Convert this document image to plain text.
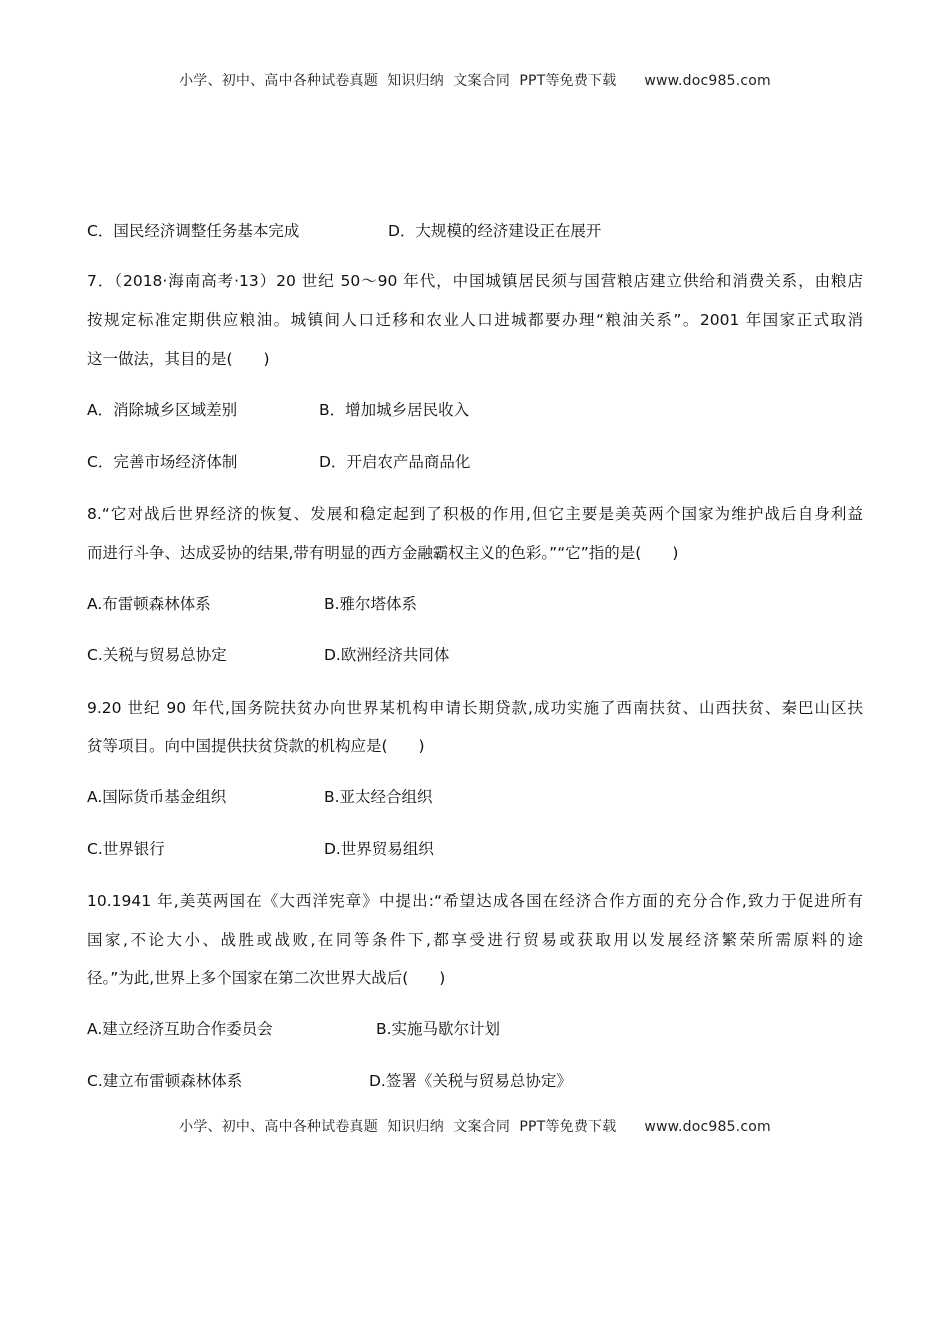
小学、初中、高中各种试卷真题  知识归纳  文案合同  PPT等免费下载      www.doc985.com
C．国民经济调整任务基本完成	D．大规模的经济建设正在展开
7．（2018·海南高考·13）20 世纪 50～90 年代，中国城镇居民须与国营粮店建立供给和消费关系，由粮店
按规定标准定期供应粮油。城镇间人口迁移和农业人口进城都要办理“粮油关系”。2001 年国家正式取消
这一做法，其目的是(　　)
A．消除城乡区域差别	B．增加城乡居民收入
C．完善市场经济体制	D．开启农产品商品化
8.“它对战后世界经济的恢复、发展和稳定起到了积极的作用,但它主要是美英两个国家为维护战后自身利益
而进行斗争、达成妥协的结果,带有明显的西方金融霸权主义的色彩。”“它”指的是(　　)
A.布雷顿森林体系	B.雅尔塔体系
C.关税与贸易总协定	D.欧洲经济共同体
9.20 世纪 90 年代,国务院扶贫办向世界某机构申请长期贷款,成功实施了西南扶贫、山西扶贫、秦巴山区扶
贫等项目。向中国提供扶贫贷款的机构应是(　　)
A.国际货币基金组织	B.亚太经合组织
C.世界银行	D.世界贸易组织
10.1941 年,美英两国在《大西洋宪章》中提出:“希望达成各国在经济合作方面的充分合作,致力于促进所有
国家,不论大小、战胜或战败,在同等条件下,都享受进行贸易或获取用以发展经济繁荣所需原料的途
径。”为此,世界上多个国家在第二次世界大战后(　　)
A.建立经济互助合作委员会	B.实施马歇尔计划
C.建立布雷顿森林体系	D.签署《关税与贸易总协定》
小学、初中、高中各种试卷真题  知识归纳  文案合同  PPT等免费下载      www.doc985.com
